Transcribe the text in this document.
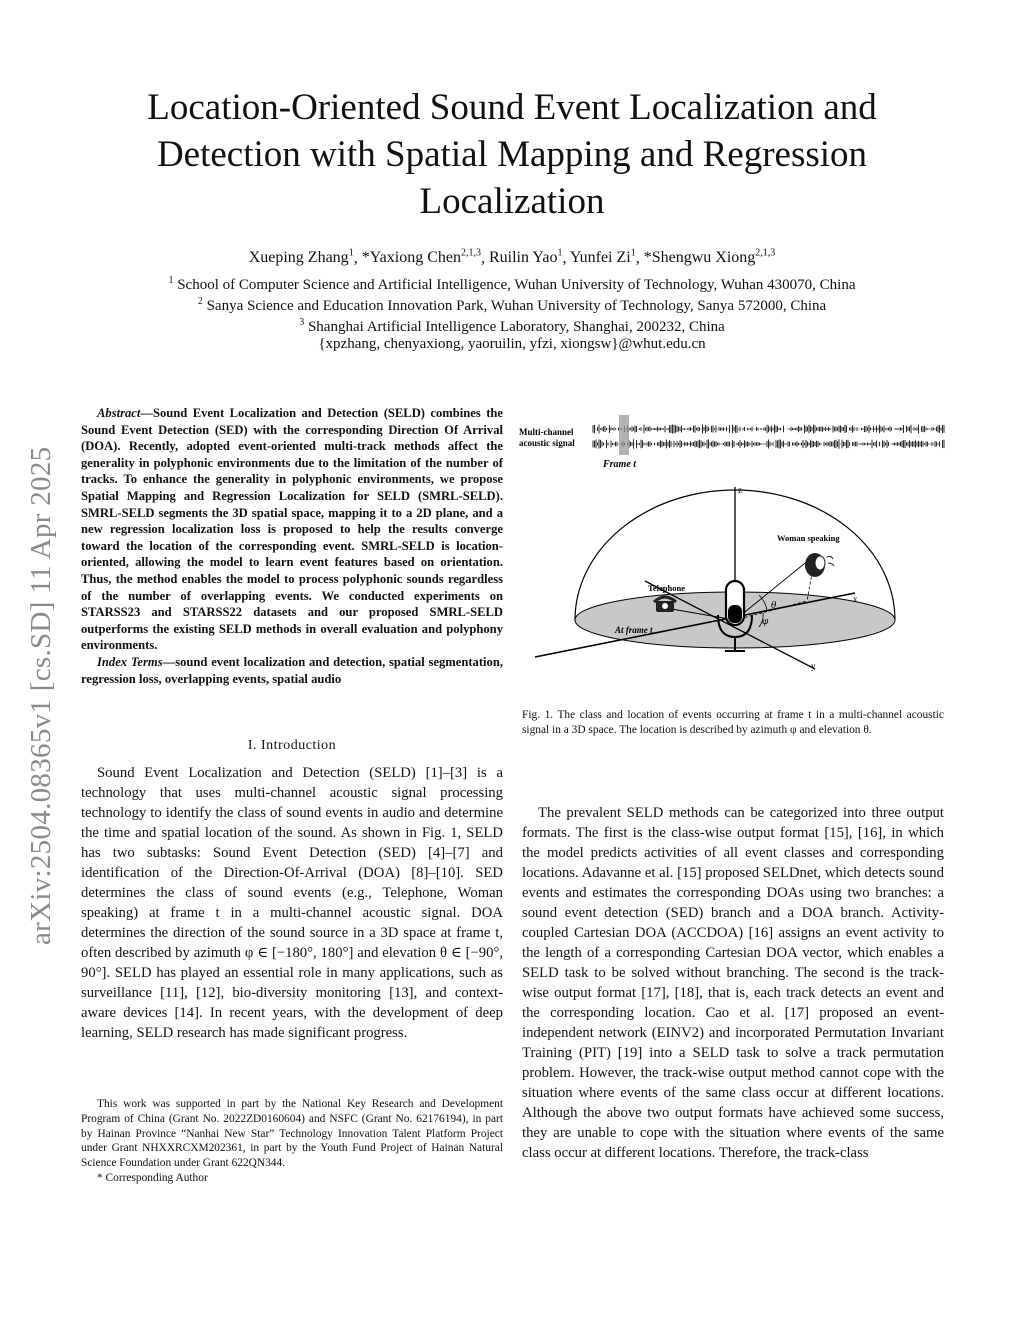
arXiv:2504.08365v1 [cs.SD] 11 Apr 2025
Location-Oriented Sound Event Localization and
Detection with Spatial Mapping and Regression
Localization
Xueping Zhang$^1$, *Yaxiong Chen$^{2,1,3}$, Ruilin Yao$^1$, Yunfei Zi$^1$, *Shengwu Xiong$^{2,1,3}$
$^1$ School of Computer Science and Artificial Intelligence, Wuhan University of Technology, Wuhan 430070, China
$^2$ Sanya Science and Education Innovation Park, Wuhan University of Technology, Sanya 572000, China
$^3$ Shanghai Artificial Intelligence Laboratory, Shanghai, 200232, China
{xpzhang, chenyaxiong, yaoruilin, yfzi, xiongsw}@whut.edu.cn

Abstract—Sound Event Localization and Detection (SELD) combines the Sound Event Detection (SED) with the corresponding Direction Of Arrival (DOA). Recently, adopted event-oriented multi-track methods affect the generality in polyphonic environments due to the limitation of the number of tracks. To enhance the generality in polyphonic environments, we propose Spatial Mapping and Regression Localization for SELD (SMRL-SELD). SMRL-SELD segments the 3D spatial space, mapping it to a 2D plane, and a new regression localization loss is proposed to help the results converge toward the location of the corresponding event. SMRL-SELD is location-oriented, allowing the model to learn event features based on orientation. Thus, the method enables the model to process polyphonic sounds regardless of the number of overlapping events. We conducted experiments on STARSS23 and STARSS22 datasets and our proposed SMRL-SELD outperforms the existing SELD methods in overall evaluation and polyphony environments.

Index Terms—sound event localization and detection, spatial segmentation, regression loss, overlapping events, spatial audio

I. Introduction

Sound Event Localization and Detection (SELD) [1]–[3] is a technology that uses multi-channel acoustic signal processing technology to identify the class of sound events in audio and determine the time and spatial location of the sound. As shown in Fig. 1, SELD has two subtasks: Sound Event Detection (SED) [4]–[7] and identification of the Direction-Of-Arrival (DOA) [8]–[10]. SED determines the class of sound events (e.g., Telephone, Woman speaking) at frame t in a multi-channel acoustic signal. DOA determines the direction of the sound source in a 3D space at frame t, often described by azimuth φ ∈ [−180°, 180°] and elevation θ ∈ [−90°, 90°]. SELD has played an essential role in many applications, such as surveillance [11], [12], bio-diversity monitoring [13], and context-aware devices [14]. In recent years, with the development of deep learning, SELD research has made significant progress.

This work was supported in part by the National Key Research and Development Program of China (Grant No. 2022ZD0160604) and NSFC (Grant No. 62176194), in part by Hainan Province “Nanhai New Star” Technology Innovation Talent Platform Project under Grant NHXXRCXM202361, in part by the Youth Fund Project of Hainan Natural Science Foundation under Grant 622QN344.

* Corresponding Author

Multi-channel
acoustic signal
Frame t
z
x
y
θ
φ
Telephone
Woman speaking
At frame t
Fig. 1. The class and location of events occurring at frame t in a multi-channel acoustic signal in a 3D space. The location is described by azimuth φ and elevation θ.

The prevalent SELD methods can be categorized into three output formats. The first is the class-wise output format [15], [16], in which the model predicts activities of all event classes and corresponding locations. Adavanne et al. [15] proposed SELDnet, which detects sound events and estimates the corresponding DOAs using two branches: a sound event detection (SED) branch and a DOA branch. Activity-coupled Cartesian DOA (ACCDOA) [16] assigns an event activity to the length of a corresponding Cartesian DOA vector, which enables a SELD task to be solved without branching. The second is the track-wise output format [17], [18], that is, each track detects an event and the corresponding location. Cao et al. [17] proposed an event-independent network (EINV2) and incorporated Permutation Invariant Training (PIT) [19] into a SELD task to solve a track permutation problem. However, the track-wise output method cannot cope with the situation where events of the same class occur at different locations. Although the above two output formats have achieved some success, they are unable to cope with the situation where events of the same class occur at different locations. Therefore, the track-class
